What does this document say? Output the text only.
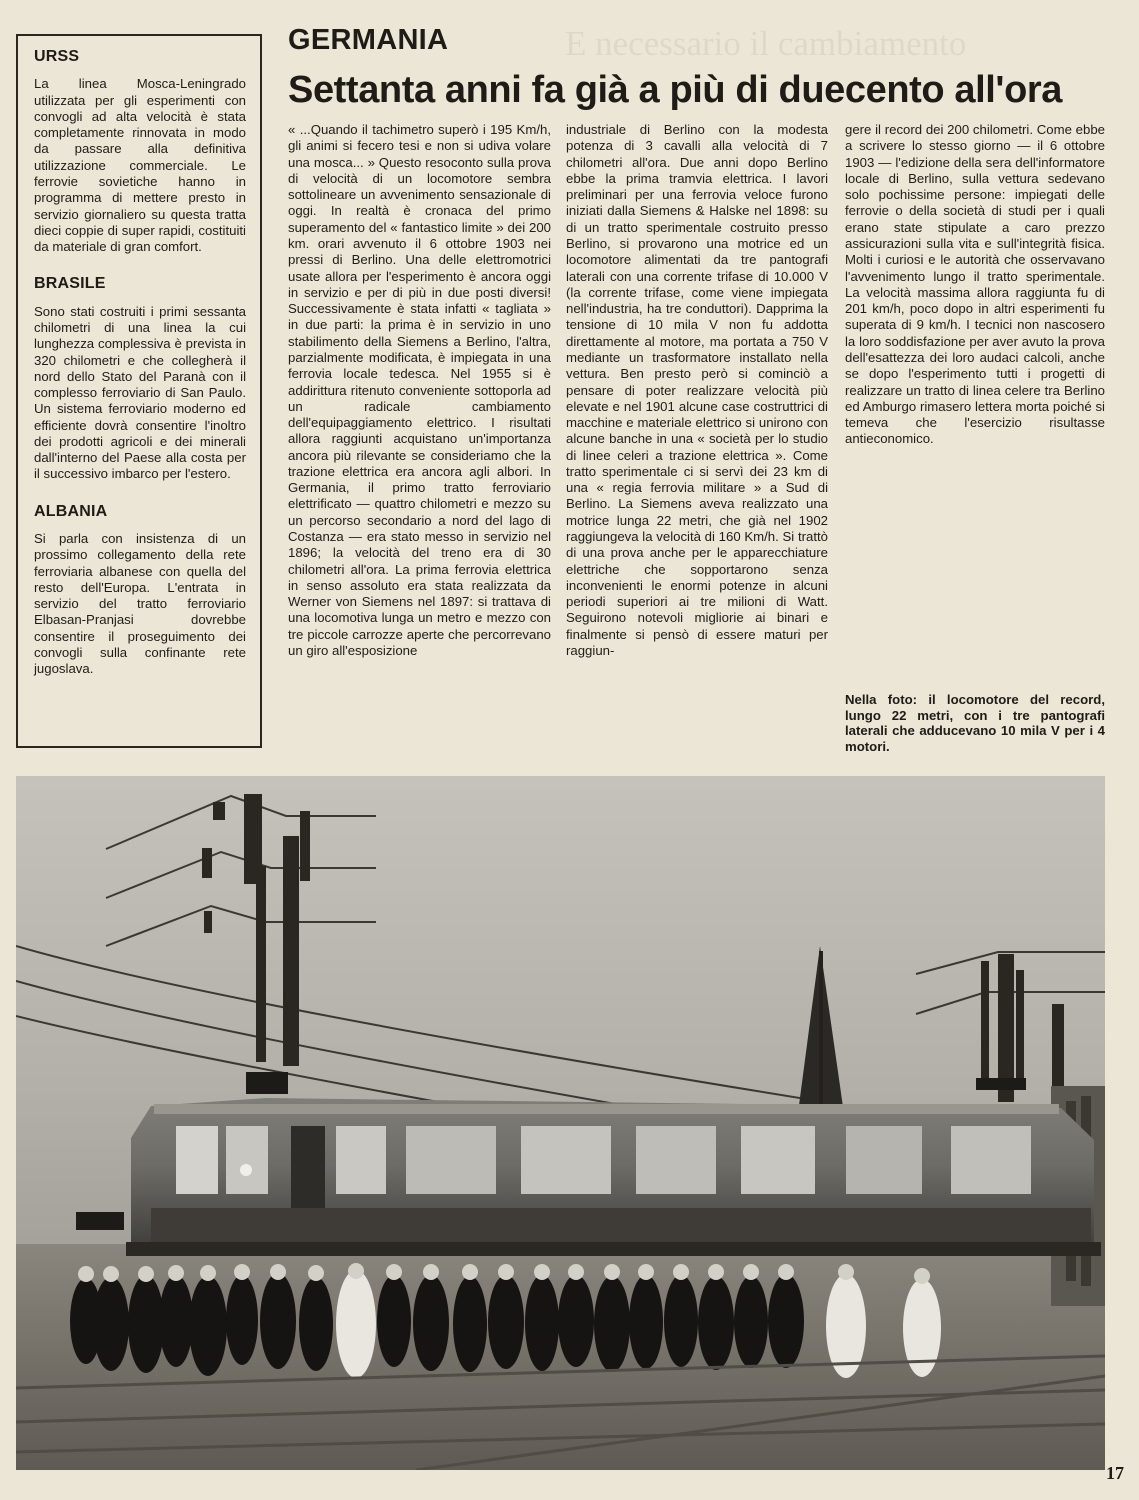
E necessario il cambiamento
URSS

La linea Mosca-Leningrado utilizzata per gli esperimenti con convogli ad alta velocità è stata completamente rinnovata in modo da passare alla definitiva utilizzazione commerciale. Le ferrovie sovietiche hanno in programma di mettere presto in servizio giornaliero su questa tratta dieci coppie di super rapidi, costituiti da materiale di gran comfort.

BRASILE

Sono stati costruiti i primi sessanta chilometri di una linea la cui lunghezza complessiva è prevista in 320 chilometri e che collegherà il nord dello Stato del Paranà con il complesso ferroviario di San Paulo. Un sistema ferroviario moderno ed efficiente dovrà consentire l'inoltro dei prodotti agricoli e dei minerali dall'interno del Paese alla costa per il successivo imbarco per l'estero.

ALBANIA

Si parla con insistenza di un prossimo collegamento della rete ferroviaria albanese con quella del resto dell'Europa. L'entrata in servizio del tratto ferroviario Elbasan-Pranjasi dovrebbe consentire il proseguimento dei convogli sulla confinante rete jugoslava.

GERMANIA
Settanta anni fa già a più di duecento all'ora

« ...Quando il tachimetro superò i 195 Km/h, gli animi si fecero tesi e non si udiva volare una mosca... » Questo resoconto sulla prova di velocità di un locomotore sembra sottolineare un avvenimento sensazionale di oggi. In realtà è cronaca del primo superamento del « fantastico limite » dei 200 km. orari avvenuto il 6 ottobre 1903 nei pressi di Berlino. Una delle elettromotrici usate allora per l'esperimento è ancora oggi in servizio e per di più in due posti diversi! Successivamente è stata infatti « tagliata » in due parti: la prima è in servizio in uno stabilimento della Siemens a Berlino, l'altra, parzialmente modificata, è impiegata in una ferrovia locale tedesca. Nel 1955 si è addirittura ritenuto conveniente sottoporla ad un radicale cambiamento dell'equipaggiamento elettrico. I risultati allora raggiunti acquistano un'importanza ancora più rilevante se consideriamo che la trazione elettrica era ancora agli albori. In Germania, il primo tratto ferroviario elettrificato — quattro chilometri e mezzo su un percorso secondario a nord del lago di Costanza — era stato messo in servizio nel 1896; la velocità del treno era di 30 chilometri all'ora. La prima ferrovia elettrica in senso assoluto era stata realizzata da Werner von Siemens nel 1897: si trattava di una locomotiva lunga un metro e mezzo con tre piccole carrozze aperte che percorrevano un giro all'esposizione

industriale di Berlino con la modesta potenza di 3 cavalli alla velocità di 7 chilometri all'ora. Due anni dopo Berlino ebbe la prima tramvia elettrica. I lavori preliminari per una ferrovia veloce furono iniziati dalla Siemens & Halske nel 1898: su di un tratto sperimentale costruito presso Berlino, si provarono una motrice ed un locomotore alimentati da tre pantografi laterali con una corrente trifase di 10.000 V (la corrente trifase, come viene impiegata nell'industria, ha tre conduttori). Dapprima la tensione di 10 mila V non fu addotta direttamente al motore, ma portata a 750 V mediante un trasformatore installato nella vettura. Ben presto però si cominciò a pensare di poter realizzare velocità più elevate e nel 1901 alcune case costruttrici di macchine e materiale elettrico si unirono con alcune banche in una « società per lo studio di linee celeri a trazione elettrica ». Come tratto sperimentale ci si servì dei 23 km di una « regia ferrovia militare » a Sud di Berlino. La Siemens aveva realizzato una motrice lunga 22 metri, che già nel 1902 raggiungeva la velocità di 160 Km/h. Si trattò di una prova anche per le apparecchiature elettriche che sopportarono senza inconvenienti le enormi potenze in alcuni periodi superiori ai tre milioni di Watt. Seguirono notevoli migliorie ai binari e finalmente si pensò di essere maturi per raggiun-

gere il record dei 200 chilometri. Come ebbe a scrivere lo stesso giorno — il 6 ottobre 1903 — l'edizione della sera dell'informatore locale di Berlino, sulla vettura sedevano solo pochissime persone: impiegati delle ferrovie o della società di studi per i quali erano state stipulate a caro prezzo assicurazioni sulla vita e sull'integrità fisica. Molti i curiosi e le autorità che osservavano l'avvenimento lungo il tratto sperimentale. La velocità massima allora raggiunta fu di 201 km/h, poco dopo in altri esperimenti fu superata di 9 km/h. I tecnici non nascosero la loro soddisfazione per aver avuto la prova dell'esattezza dei loro audaci calcoli, anche se dopo l'esperimento tutti i progetti di realizzare un tratto di linea celere tra Berlino ed Amburgo rimasero lettera morta poiché si temeva che l'esercizio risultasse antieconomico.

Nella foto: il locomotore del record, lungo 22 metri, con i tre pantografi laterali che adducevano 10 mila V per i 4 motori.

17
